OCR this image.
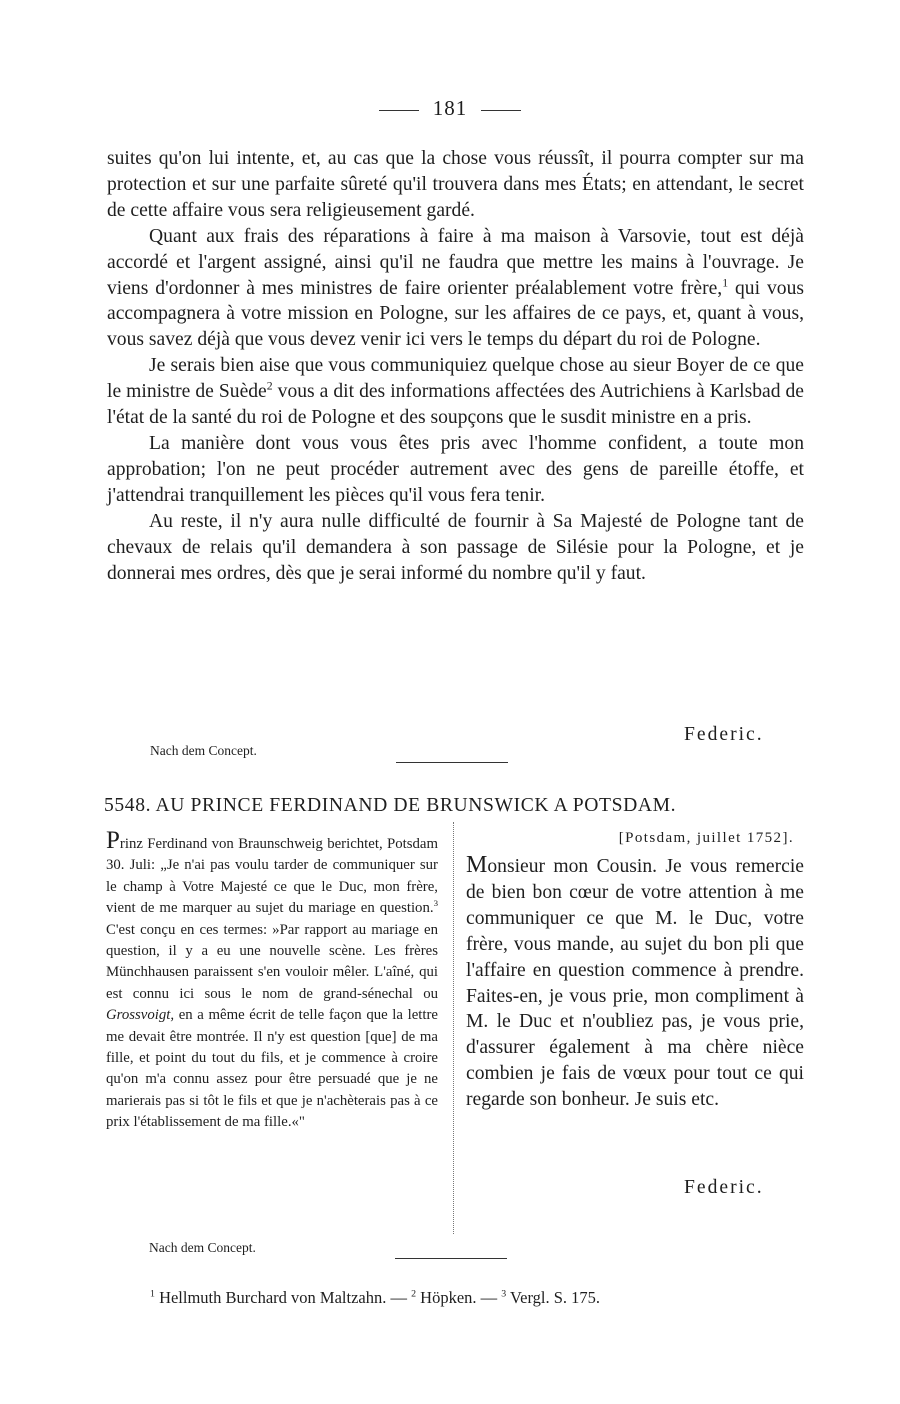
181

suites qu'on lui intente, et, au cas que la chose vous réussît, il pourra compter sur ma protection et sur une parfaite sûreté qu'il trouvera dans mes États; en attendant, le secret de cette affaire vous sera religieusement gardé.

Quant aux frais des réparations à faire à ma maison à Varsovie, tout est déjà accordé et l'argent assigné, ainsi qu'il ne faudra que mettre les mains à l'ouvrage. Je viens d'ordonner à mes ministres de faire orienter préalablement votre frère,$^1$ qui vous accompagnera à votre mission en Pologne, sur les affaires de ce pays, et, quant à vous, vous savez déjà que vous devez venir ici vers le temps du départ du roi de Pologne.

Je serais bien aise que vous communiquiez quelque chose au sieur Boyer de ce que le ministre de Suède$^2$ vous a dit des informations affectées des Autrichiens à Karlsbad de l'état de la santé du roi de Pologne et des soupçons que le susdit ministre en a pris.

La manière dont vous vous êtes pris avec l'homme confident, a toute mon approbation; l'on ne peut procéder autrement avec des gens de pareille étoffe, et j'attendrai tranquillement les pièces qu'il vous fera tenir.

Au reste, il n'y aura nulle difficulté de fournir à Sa Majesté de Pologne tant de chevaux de relais qu'il demandera à son passage de Silésie pour la Pologne, et je donnerai mes ordres, dès que je serai informé du nombre qu'il y faut.

Federic.
Nach dem Concept.
5548. AU PRINCE FERDINAND DE BRUNSWICK A POTSDAM.

Prinz Ferdinand von Braunschweig berichtet, Potsdam 30. Juli: „Je n'ai pas voulu tarder de communiquer sur le champ à Votre Majesté ce que le Duc, mon frère, vient de me marquer au sujet du mariage en question.$^3$ C'est conçu en ces termes: »Par rapport au mariage en question, il y a eu une nouvelle scène. Les frères Münchhausen paraissent s'en vouloir mêler. L'aîné, qui est connu ici sous le nom de grand-sénechal ou Grossvoigt, en a même écrit de telle façon que la lettre me devait être montrée. Il n'y est question [que] de ma fille, et point du tout du fils, et je commence à croire qu'on m'a connu assez pour être persuadé que je ne marierais pas si tôt le fils et que je n'achèterais pas à ce prix l'établissement de ma fille.«"

[Potsdam, juillet 1752].

Monsieur mon Cousin. Je vous remercie de bien bon cœur de votre attention à me communiquer ce que M. le Duc, votre frère, vous mande, au sujet du bon pli que l'affaire en question commence à prendre. Faites-en, je vous prie, mon compliment à M. le Duc et n'oubliez pas, je vous prie, d'assurer également à ma chère nièce combien je fais de vœux pour tout ce qui regarde son bonheur. Je suis etc.

Federic.
Nach dem Concept.
$^1$ Hellmuth Burchard von Maltzahn. — $^2$ Höpken. — $^3$ Vergl. S. 175.
